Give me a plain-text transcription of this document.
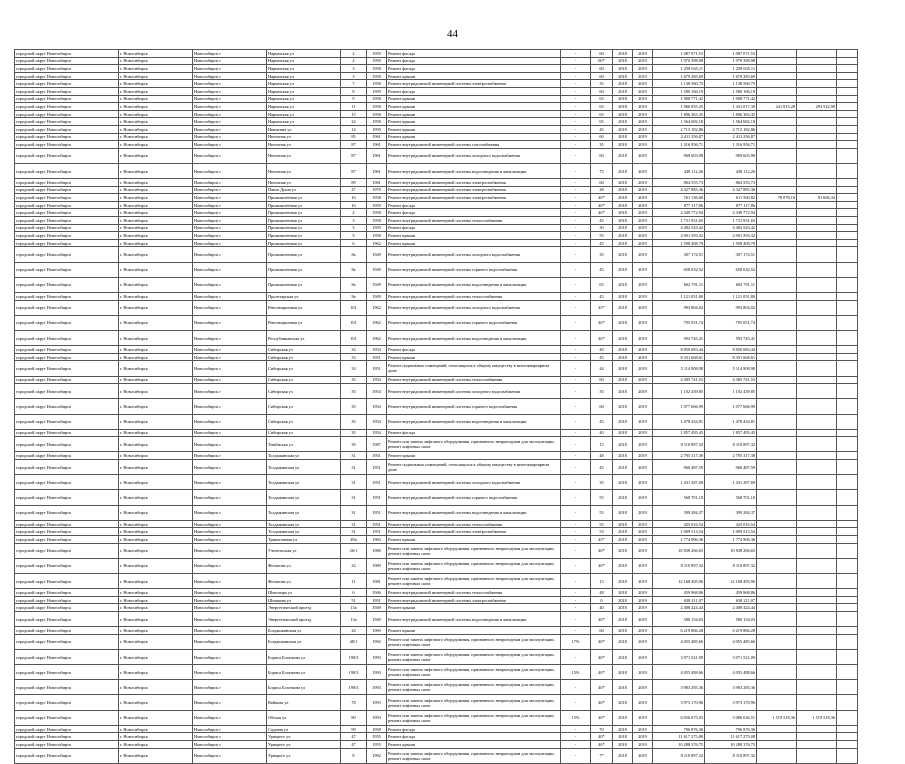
44
городской округ Новосибирск	г. Новосибирск	Новосибирск г	Нарымская ул	2	1959	Ремонт фасада	-	60	2018	2019	1 087 071,53	1 087 071,53			
городской округ Новосибирск	г. Новосибирск	Новосибирск г	Нарымская ул	2	1959	Ремонт фасада	-	60*	2018	2019	1 970 398,98	1 970 398,98			
городской округ Новосибирск	г. Новосибирск	Новосибирск г	Нарымская ул	3	1958	Ремонт фасада	-	60	2018	2019	1 258 635,11	1 258 635,11			
городской округ Новосибирск	г. Новосибирск	Новосибирск г	Нарымская ул	3	1958	Ремонт крыши	-	60	2018	2019	1 679 285,69	1 679 285,69			
городской округ Новосибирск	г. Новосибирск	Новосибирск г	Нарымская ул	7	1958	Ремонт внутридомовой инженерной системы электроснабжения	-	35	2018	2019	1 138 560,75	1 138 560,75			
городской округ Новосибирск	г. Новосибирск	Новосибирск г	Нарымская ул	8	1959	Ремонт фасада	-	60	2018	2019	1 580 166,19	1 580 166,19			
городской округ Новосибирск	г. Новосибирск	Новосибирск г	Нарымская ул	9	1958	Ремонт крыши	-	65	2018	2019	1 908 771,42	1 908 771,42			
городской округ Новосибирск	г. Новосибирск	Новосибирск г	Нарымская ул	11	1958	Ремонт крыши	-	65	2018	2019	1 966 855,25	1 431 017,30	241 815,28	293 522,98	
городской округ Новосибирск	г. Новосибирск	Новосибирск г	Нарымская ул	15	1958	Ремонт крыши	-	65	2018	2019	1 806 363,35	1 806 363,35			
городской округ Новосибирск	г. Новосибирск	Новосибирск г	Нарымская ул	22	1958	Ремонт крыши	-	65	2018	2019	1 564 682,18	1 564 682,18			
городской округ Новосибирск	г. Новосибирск	Новосибирск г	Никитина ул	14	1959	Ремонт крыши	-	45	2018	2019	2 713 182,86	2 713 182,86			
городской округ Новосибирск	г. Новосибирск	Новосибирск г	Ниточная ул	85	1961	Ремонт крыши	-	60	2018	2019	2 411 256,87	2 411 256,87			
городской округ Новосибирск	г. Новосибирск	Новосибирск г	Ниточная ул	87	1961	Ремонт внутридомовой инженерной системы газоснабжения	-	35	2018	2019	1 316 956,71	1 316 956,71			
городской округ Новосибирск	г. Новосибирск	Новосибирск г	Ниточная ул	87	1961	Ремонт внутридомовой инженерной системы холодного водоснабжения	-	60	2018	2019	969 603,98	969 603,98			
городской округ Новосибирск	г. Новосибирск	Новосибирск г	Ниточная ул	87	1961	Ремонт внутридомовой инженерной системы водоотведения и канализации	-	75	2018	2019	438 112,26	438 112,26			
городской округ Новосибирск	г. Новосибирск	Новосибирск г	Ниточная ул	89	1961	Ремонт внутридомовой инженерной системы электроснабжения	-	60	2018	2019	864 555,73	864 555,73			
городской округ Новосибирск	г. Новосибирск	Новосибирск г	Павла Души ул	27	1970	Ремонт внутридомовой инженерной системы электроснабжения	-	28	2018	2019	4 327 885,36	4 327 885,36			
городской округ Новосибирск	г. Новосибирск	Новосибирск г	Промышленная ул	1б	1958	Ремонт внутридомовой инженерной системы электроснабжения	-	40*	2018	2019	761 136,60	611 560,82	78 078,10	91 666,34	
городской округ Новосибирск	г. Новосибирск	Новосибирск г	Промышленная ул	1б	1959	Ремонт фасада	-	40*	2018	2019	877 117,86	877 117,86			
городской округ Новосибирск	г. Новосибирск	Новосибирск г	Промышленная ул	2	1958	Ремонт фасада	-	40*	2018	2019	2 349 772,94	2 349 772,94			
городской округ Новосибирск	г. Новосибирск	Новосибирск г	Промышленная ул	3	1958	Ремонт внутридомовой инженерной системы теплоснабжения	-	45	2018	2019	1 731 931,65	1 731 931,65			
городской округ Новосибирск	г. Новосибирск	Новосибирск г	Промышленная ул	3	1959	Ремонт фасада	-	30	2018	2019	4 482 543,42	4 482 543,42			
городской округ Новосибирск	г. Новосибирск	Новосибирск г	Промышленная ул	5	1958	Ремонт крыши	-	55	2018	2019	2 901 593,32	2 901 593,32			
городской округ Новосибирск	г. Новосибирск	Новосибирск г	Промышленная ул	6	1962	Ремонт крыши	-	45	2018	2019	1 598 408,79	1 598 408,79			
городской округ Новосибирск	г. Новосибирск	Новосибирск г	Промышленная ул	8а	1949	Ремонт внутридомовой инженерной системы холодного водоснабжения	-	35	2018	2019	307 174,51	307 174,51			
городской округ Новосибирск	г. Новосибирск	Новосибирск г	Промышленная ул	8а	1949	Ремонт внутридомовой инженерной системы горячего водоснабжения	-	45	2018	2019	658 632,52	658 632,52			
городской округ Новосибирск	г. Новосибирск	Новосибирск г	Промышленная ул	8а	1949	Ремонт внутридомовой инженерной системы водоотведения и канализации	-	65	2018	2019	602 791,11	602 791,11			
городской округ Новосибирск	г. Новосибирск	Новосибирск г	Пролетарская ул	8а	1949	Ремонт внутридомовой инженерной системы теплоснабжения	-	45	2018	2019	1 121 051,80	1 121 051,80			
городской округ Новосибирск	г. Новосибирск	Новосибирск г	Революционная ул	101	1962	Ремонт внутридомовой инженерной системы холодного водоснабжения	-	45*	2018	2019	993 804,02	993 804,02			
городской округ Новосибирск	г. Новосибирск	Новосибирск г	Революционная ул	101	1962	Ремонт внутридомовой инженерной системы горячего водоснабжения	-	40*	2018	2019	795 051,74	795 051,74			
городской округ Новосибирск	г. Новосибирск	Новосибирск г	Республиканская ул	101	1962	Ремонт внутридомовой инженерной системы водоотведения и канализации	-	40*	2018	2019	593 745,41	593 745,41			
городской округ Новосибирск	г. Новосибирск	Новосибирск г	Сибирская ул	32	1954	Ремонт фасада	-	40	2018	2019	8 850 683,44	8 850 683,44			
городской округ Новосибирск	г. Новосибирск	Новосибирск г	Сибирская ул	33	1951	Ремонт крыши	-	45	2018	2019	8 331 668,61	8 331 668,61			
городской округ Новосибирск	г. Новосибирск	Новосибирск г	Сибирская ул	33	1951	Ремонт подвальных помещений, относящихся к общему имуществу в многоквартирном доме	-	44	2018	2019	5 114 908,98	5 114 908,98			
городской округ Новосибирск	г. Новосибирск	Новосибирск г	Сибирская ул	35	1954	Ремонт внутридомовой инженерной системы теплоснабжения	-	60	2018	2019	4 385 741,53	4 385 741,53			
городской округ Новосибирск	г. Новосибирск	Новосибирск г	Сибирская ул	35	1954	Ремонт внутридомовой инженерной системы холодного водоснабжения	-	35	2018	2019	1 102 439,85	1 102 439,85			
городской округ Новосибирск	г. Новосибирск	Новосибирск г	Сибирская ул	35	1954	Ремонт внутридомовой инженерной системы горячего водоснабжения	-	60	2018	2019	1 077 666,99	1 077 666,99			
городской округ Новосибирск	г. Новосибирск	Новосибирск г	Сибирская ул	35	1954	Ремонт внутридомовой инженерной системы водоотведения и канализации	-	45	2018	2019	1 478 434,81	1 478 434,81			
городской округ Новосибирск	г. Новосибирск	Новосибирск г	Сибирская ул	35	1954	Ремонт фасада	-	40	2018	2019	1 857 495,45	1 857 495,45			
городской округ Новосибирск	г. Новосибирск	Новосибирск г	Тимбиська ул	39	1987	Ремонт или замена лифтового оборудования, признанного непригодным для эксплуатации, ремонт лифтовых шахт	-	13	2018	2019	8 110 897,32	8 110 897,32			
городской округ Новосибирск	г. Новосибирск	Новосибирск г	Толдыкинская ул	31	1951	Ремонт крыши	-	48	2018	2019	2 795 317,38	2 795 317,38			
городской округ Новосибирск	г. Новосибирск	Новосибирск г	Толдыкинская ул	31	1951	Ремонт подвальных помещений, относящихся к общему имуществу в многоквартирном доме	-	45	2018	2019	960 487,59	960 487,59			
городской округ Новосибирск	г. Новосибирск	Новосибирск г	Толдыкинская ул	31	1951	Ремонт внутридомовой инженерной системы холодного водоснабжения	-	35	2018	2019	1 431 287,69	1 431 287,69			
городской округ Новосибирск	г. Новосибирск	Новосибирск г	Толдыкинская ул	31	1951	Ремонт внутридомовой инженерной системы горячего водоснабжения	-	55	2018	2019	568 701,10	568 701,10			
городской округ Новосибирск	г. Новосибирск	Новосибирск г	Толдыкинская ул	31	1951	Ремонт внутридомовой инженерной системы водоотведения и канализации	-	55	2018	2019	399 284,37	399 284,37			
городской округ Новосибирск	г. Новосибирск	Новосибирск г	Толдыкинская ул	31	1951	Ремонт внутридомовой инженерной системы теплоснабжения	-	55	2018	2019	425 016,54	425 016,54			
городской округ Новосибирск	г. Новосибирск	Новосибирск г	Толдыкинская ул	31	1951	Ремонт внутридомовой инженерной системы электроснабжения	-	53	2018	2019	1 009 513,54	1 009 513,54			
городской округ Новосибирск	г. Новосибирск	Новосибирск г	Трикотажная ул	49а	1963	Ремонт крыши	-	45*	2018	2019	1 774 906,36	1 774 906,36			
городской округ Новосибирск	г. Новосибирск	Новосибирск г	Учительская ул	26/1	1986	Ремонт или замена лифтового оборудования, признанного непригодным для эксплуатации, ремонт лифтовых шахт	-	40*	2018	2019	10 838 266,65	10 838 266,65			
городской округ Новосибирск	г. Новосибирск	Новосибирск г	Филатова ул	32	1989	Ремонт или замена лифтового оборудования, признанного непригодным для эксплуатации, ремонт лифтовых шахт	-	40*	2018	2019	8 110 897,32	8 110 897,32			
городской округ Новосибирск	г. Новосибирск	Новосибирск г	Филатова ул	11	1981	Ремонт или замена лифтового оборудования, признанного непригодным для эксплуатации, ремонт лифтовых шахт	-	13	2018	2019	12 168 495,96	12 168 495,96			
городской округ Новосибирск	г. Новосибирск	Новосибирск г	Шекспира ул	6	1946	Ремонт внутридомовой инженерной системы теплоснабжения	-	48	2018	2019	459 968,86	459 968,86			
городской округ Новосибирск	г. Новосибирск	Новосибирск г	Шишкова ул	51	1951	Ремонт внутридомовой инженерной системы электроснабжения	-	0	2018	2019	638 211,07	638 211,07			
городской округ Новосибирск	г. Новосибирск	Новосибирск г	Энергетический проезд	13а	1949	Ремонт крыши	-	40	2018	2019	2 408 424,44	2 408 424,44			
городской округ Новосибирск	г. Новосибирск	Новосибирск г	Энергетический проезд	13а	1949	Ремонт внутридомовой инженерной системы водоотведения и канализации	-	40*	2018	2019	580 154,03	580 154,03			
городской округ Новосибирск	г. Новосибирск	Новосибирск г	Богдашкинская ул	24	1969	Ремонт крыши	-	60	2018	2019	6 219 866,28	6 219 866,28			
городской округ Новосибирск	г. Новосибирск	Новосибирск г	Богдашкинская ул	48/1	1992	Ремонт или замена лифтового оборудования, признанного непригодным для эксплуатации, ремонт лифтовых шахт	17%	40*	2018	2019	4 055 485,66	4 055 485,66			
городской округ Новосибирск	г. Новосибирск	Новосибирск г	Бориса Богаткова ул	190/3	1993	Ремонт или замена лифтового оборудования, признанного непригодным для эксплуатации, ремонт лифтовых шахт	-	40*	2018	2019	3 971 521,09	3 971 521,09			
городской округ Новосибирск	г. Новосибирск	Новосибирск г	Бориса Богаткова ул	190/3	1993	Ремонт или замена лифтового оборудования, признанного непригодным для эксплуатации, ремонт лифтовых шахт	15%	40*	2018	2019	4 055 488,66	4 055 488,66			
городской округ Новосибирск	г. Новосибирск	Новосибирск г	Бориса Богаткова ул	190/3	1993	Ремонт или замена лифтового оборудования, признанного непригодным для эксплуатации, ремонт лифтовых шахт	-	40*	2018	2019	3 983 285,36	3 983 285,36			
городской округ Новосибирск	г. Новосибирск	Новосибирск г	Войкова ул	78	1993	Ремонт или замена лифтового оборудования, признанного непригодным для эксплуатации, ремонт лифтовых шахт	-	40*	2018	2019	3 973 170,96	3 973 170,96			
городской округ Новосибирск	г. Новосибирск	Новосибирск г	Обская ул	80	1993	Ремонт или замена лифтового оборудования, признанного непригодным для эксплуатации, ремонт лифтовых шахт	15%	40*	2018	2019	6 056 675,03	3 086 636,51	1 519 518,36	1 519 518,36	
городской округ Новосибирск	г. Новосибирск	Новосибирск г	Садовая ул	99	1958	Ремонт фасада	-	70	2018	2019	796 876,36	796 876,36			
городской округ Новосибирск	г. Новосибирск	Новосибирск г	Урицкого ул	47	1955	Ремонт фасада	-	40*	2018	2019	11 617 275,08	11 617 275,08			
городской округ Новосибирск	г. Новосибирск	Новосибирск г	Урицкого ул	47	1955	Ремонт крыши	-	40*	2018	2019	10 288 376,75	10 288 376,75			
городской округ Новосибирск	г. Новосибирск	Новосибирск г	Урицкого ул	8	1992	Ремонт или замена лифтового оборудования, признанного непригодным для эксплуатации, ремонт лифтовых шахт	-	7*	2018	2019	8 110 897,32	8 110 897,32			
